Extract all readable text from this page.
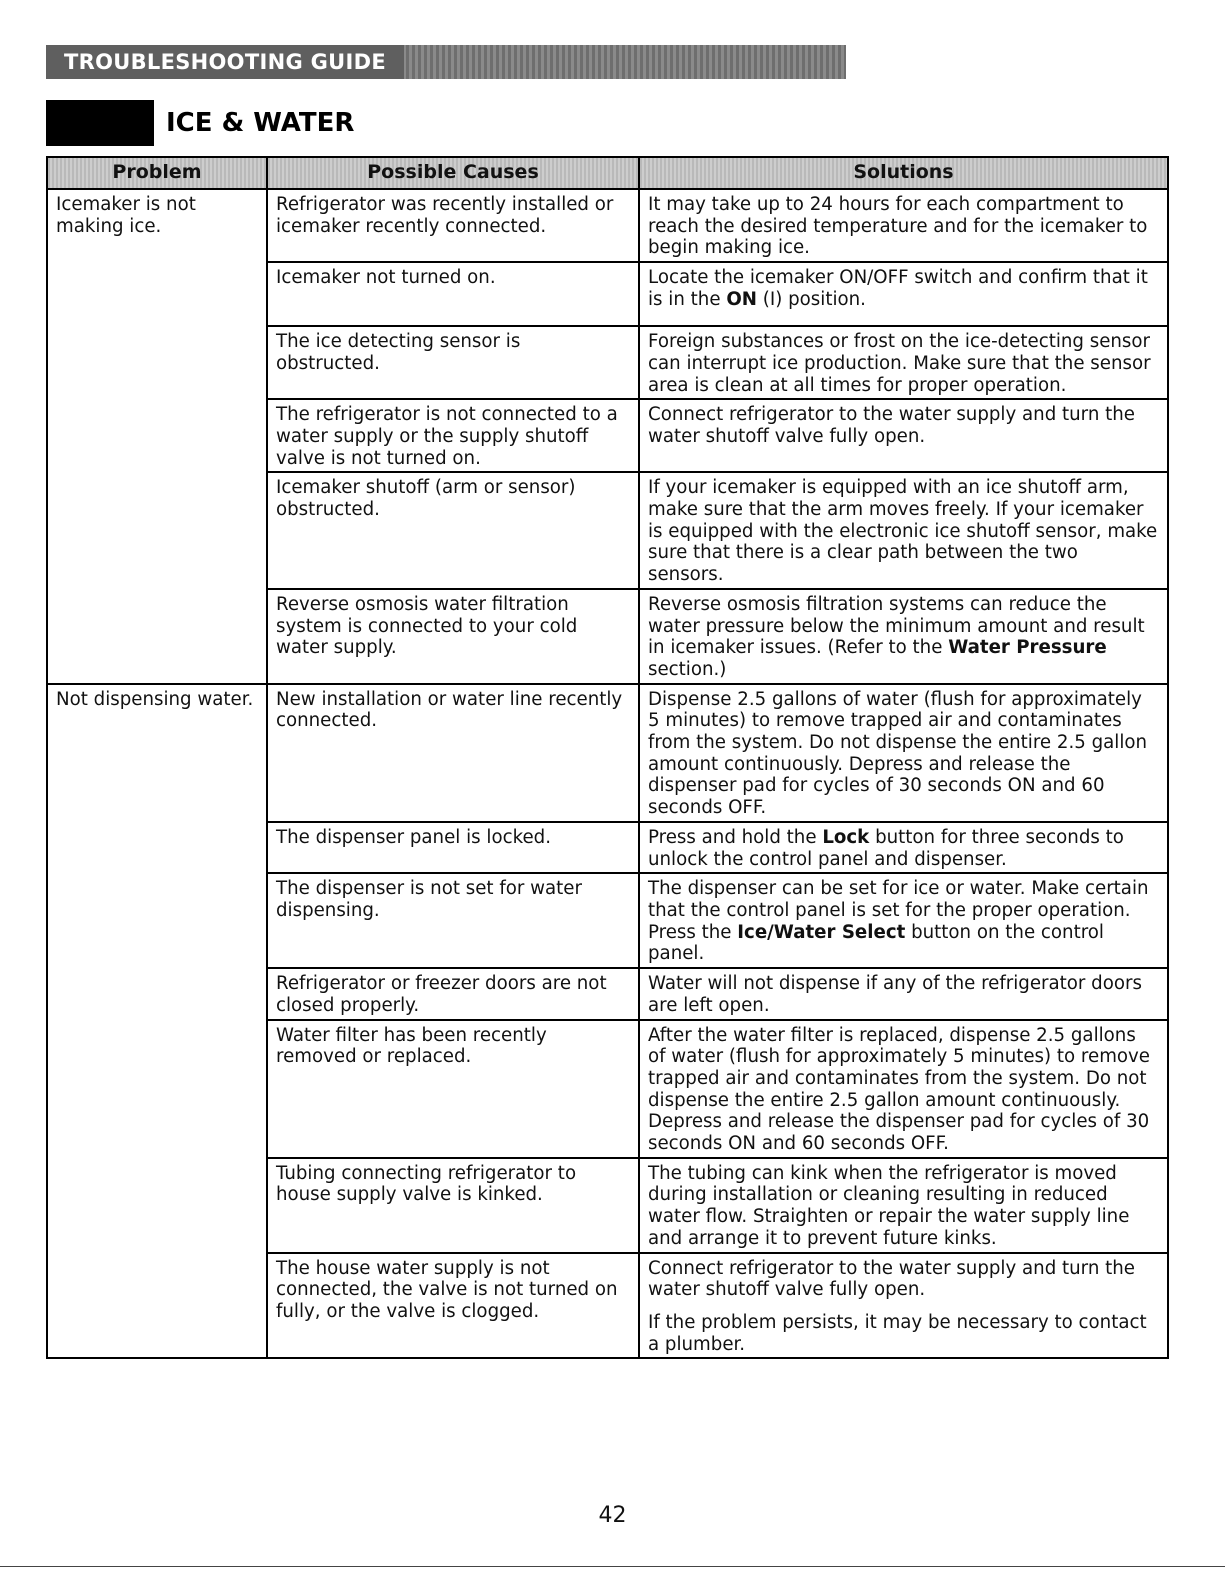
TROUBLESHOOTING GUIDE
ICE & WATER
Problem	Possible Causes	Solutions
Icemaker is not making ice.	Refrigerator was recently installed or icemaker recently connected.	It may take up to 24 hours for each compartment to reach the desired temperature and for the icemaker to begin making ice.
	Icemaker not turned on.	Locate the icemaker ON/OFF switch and confirm that it is in the ON (I) position.
	The ice detecting sensor is obstructed.	Foreign substances or frost on the ice-detecting sensor can interrupt ice production. Make sure that the sensor area is clean at all times for proper operation.
	The refrigerator is not connected to a water supply or the supply shutoff valve is not turned on.	Connect refrigerator to the water supply and turn the water shutoff valve fully open.
	Icemaker shutoff (arm or sensor) obstructed.	If your icemaker is equipped with an ice shutoff arm, make sure that the arm moves freely. If your icemaker is equipped with the electronic ice shutoff sensor, make sure that there is a clear path between the two sensors.
	Reverse osmosis water filtration system is connected to your cold water supply.	Reverse osmosis filtration systems can reduce the water pressure below the minimum amount and result in icemaker issues. (Refer to the Water Pressure section.)
Not dispensing water.	New installation or water line recently connected.	Dispense 2.5 gallons of water (flush for approximately 5 minutes) to remove trapped air and contaminates from the system. Do not dispense the entire 2.5 gallon amount continuously. Depress and release the dispenser pad for cycles of 30 seconds ON and 60 seconds OFF.
	The dispenser panel is locked.	Press and hold the Lock button for three seconds to unlock the control panel and dispenser.
	The dispenser is not set for water dispensing.	The dispenser can be set for ice or water. Make certain that the control panel is set for the proper operation. Press the Ice/Water Select button on the control panel.
	Refrigerator or freezer doors are not closed properly.	Water will not dispense if any of the refrigerator doors are left open.
	Water filter has been recently removed or replaced.	After the water filter is replaced, dispense 2.5 gallons of water (flush for approximately 5 minutes) to remove trapped air and contaminates from the system. Do not dispense the entire 2.5 gallon amount continuously. Depress and release the dispenser pad for cycles of 30 seconds ON and 60 seconds OFF.
	Tubing connecting refrigerator to house supply valve is kinked.	The tubing can kink when the refrigerator is moved during installation or cleaning resulting in reduced water flow. Straighten or repair the water supply line and arrange it to prevent future kinks.
	The house water supply is not connected, the valve is not turned on fully, or the valve is clogged.	Connect refrigerator to the water supply and turn the water shutoff valve fully open.
If the problem persists, it may be necessary to contact a plumber.
42
